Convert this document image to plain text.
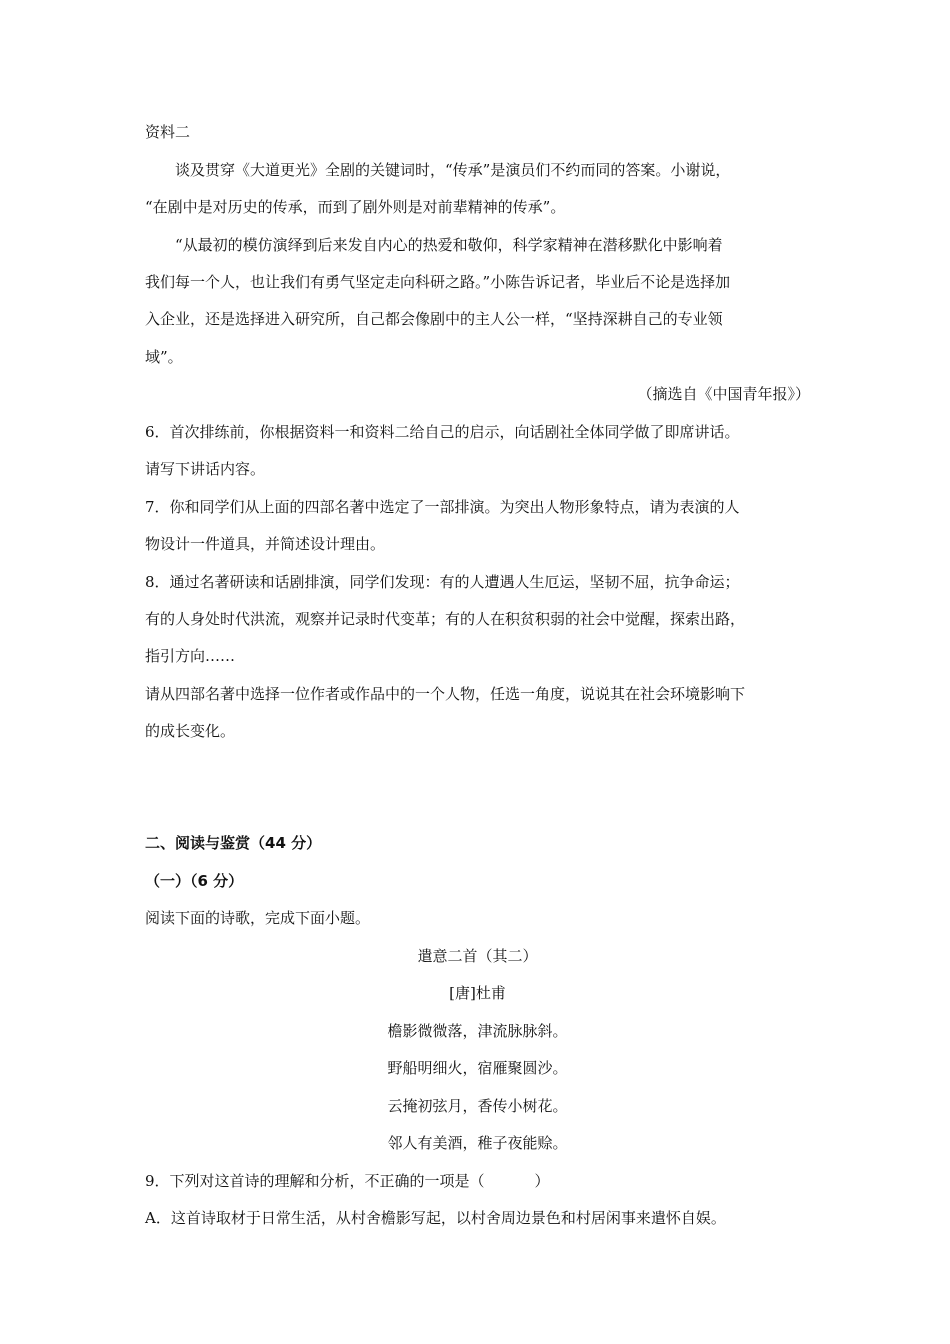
资料二
谈及贯穿《大道更光》全剧的关键词时，“传承”是演员们不约而同的答案。小谢说，
“在剧中是对历史的传承，而到了剧外则是对前辈精神的传承”。
“从最初的模仿演绎到后来发自内心的热爱和敬仰，科学家精神在潜移默化中影响着
我们每一个人，也让我们有勇气坚定走向科研之路。”小陈告诉记者，毕业后不论是选择加
入企业，还是选择进入研究所，自己都会像剧中的主人公一样，“坚持深耕自己的专业领
域”。
（摘选自《中国青年报》）
6．首次排练前，你根据资料一和资料二给自己的启示，向话剧社全体同学做了即席讲话。
请写下讲话内容。
7．你和同学们从上面的四部名著中选定了一部排演。为突出人物形象特点，请为表演的人
物设计一件道具，并简述设计理由。
8．通过名著研读和话剧排演，同学们发现：有的人遭遇人生厄运，坚韧不屈，抗争命运；
有的人身处时代洪流，观察并记录时代变革；有的人在积贫积弱的社会中觉醒，探索出路，
指引方向……
请从四部名著中选择一位作者或作品中的一个人物，任选一角度，说说其在社会环境影响下
的成长变化。
二、阅读与鉴赏（44 分）
（一）（6 分）
阅读下面的诗歌，完成下面小题。
遣意二首（其二）
[唐]杜甫
檐影微微落，津流脉脉斜。
野船明细火，宿雁聚圆沙。
云掩初弦月，香传小树花。
邻人有美酒，稚子夜能赊。
9．下列对这首诗的理解和分析，不正确的一项是（	）
A．这首诗取材于日常生活，从村舍檐影写起，以村舍周边景色和村居闲事来遣怀自娱。
